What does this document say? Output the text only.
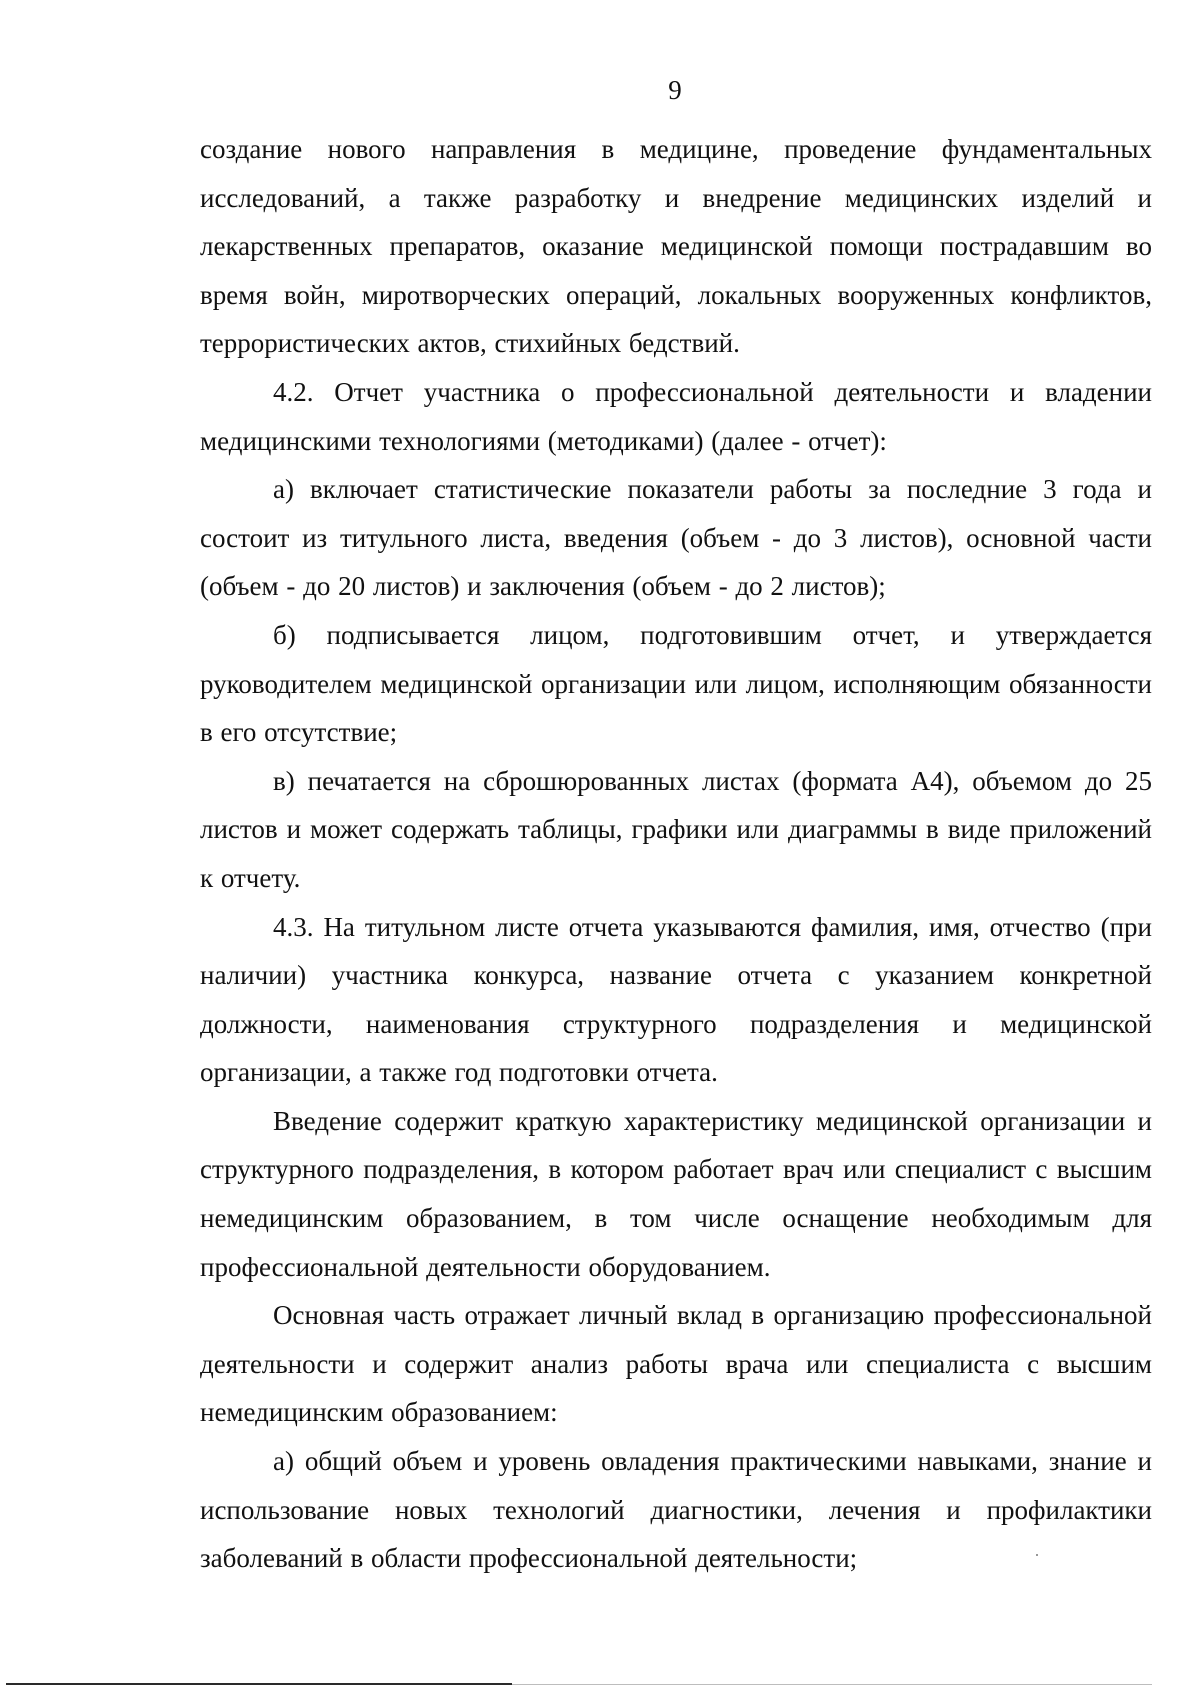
9

создание нового направления в медицине, проведение фундаментальных исследований, а также разработку и внедрение медицинских изделий и лекарственных препаратов, оказание медицинской помощи пострадавшим во время войн, миротворческих операций, локальных вооруженных конфликтов, террористических актов, стихийных бедствий.

4.2. Отчет участника о профессиональной деятельности и владении медицинскими технологиями (методиками) (далее - отчет):

а) включает статистические показатели работы за последние 3 года и состоит из титульного листа, введения (объем - до 3 листов), основной части (объем - до 20 листов) и заключения (объем - до 2 листов);

б) подписывается лицом, подготовившим отчет, и утверждается руководителем медицинской организации или лицом, исполняющим обязанности в его отсутствие;

в) печатается на сброшюрованных листах (формата А4), объемом до 25 листов и может содержать таблицы, графики или диаграммы в виде приложений к отчету.

4.3. На титульном листе отчета указываются фамилия, имя, отчество (при наличии) участника конкурса, название отчета с указанием конкретной должности, наименования структурного подразделения и медицинской организации, а также год подготовки отчета.

Введение содержит краткую характеристику медицинской организации и структурного подразделения, в котором работает врач или специалист с высшим немедицинским образованием, в том числе оснащение необходимым для профессиональной деятельности оборудованием.

Основная часть отражает личный вклад в организацию профессиональной деятельности и содержит анализ работы врача или специалиста с высшим немедицинским образованием:

а) общий объем и уровень овладения практическими навыками, знание и использование новых технологий диагностики, лечения и профилактики заболеваний в области профессиональной деятельности;
